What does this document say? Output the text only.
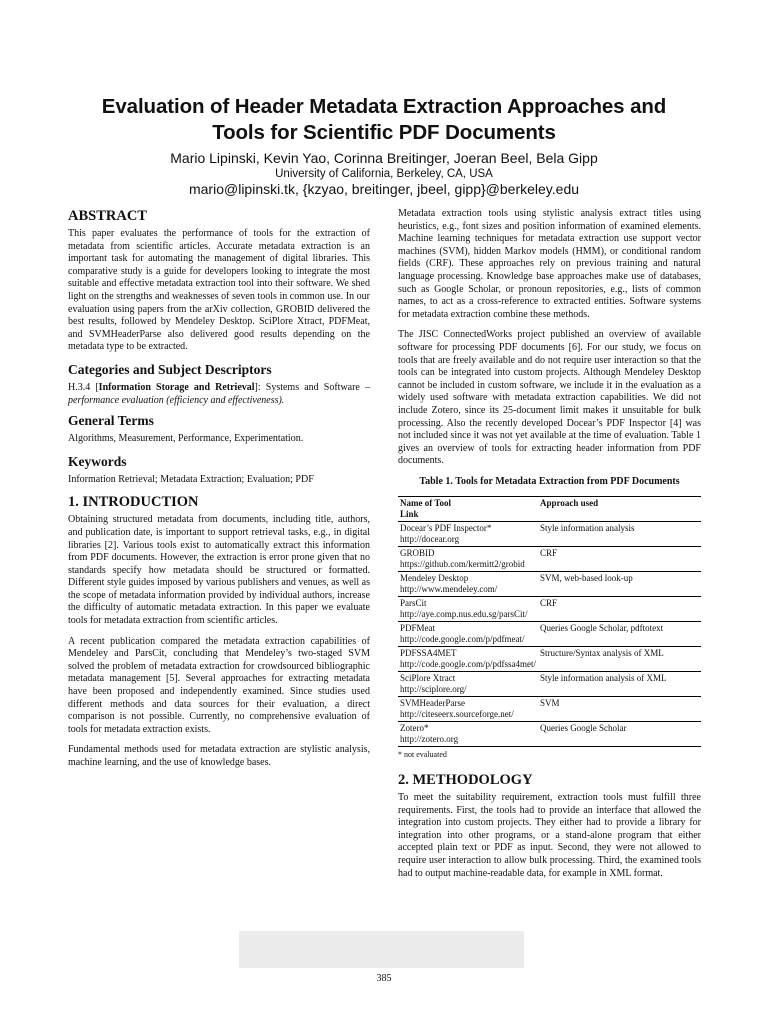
Evaluation of Header Metadata Extraction Approaches and
Tools for Scientific PDF Documents

Mario Lipinski, Kevin Yao, Corinna Breitinger, Joeran Beel, Bela Gipp

University of California, Berkeley, CA, USA

mario@lipinski.tk, {kzyao, breitinger, jbeel, gipp}@berkeley.edu

ABSTRACT

This paper evaluates the performance of tools for the extraction of metadata from scientific articles. Accurate metadata extraction is an important task for automating the management of digital libraries. This comparative study is a guide for developers looking to integrate the most suitable and effective metadata extraction tool into their software. We shed light on the strengths and weaknesses of seven tools in common use. In our evaluation using papers from the arXiv collection, GROBID delivered the best results, followed by Mendeley Desktop. SciPlore Xtract, PDFMeat, and SVMHeaderParse also delivered good results depending on the metadata type to be extracted.

Categories and Subject Descriptors

H.3.4 [Information Storage and Retrieval]: Systems and Software – performance evaluation (efficiency and effectiveness).

General Terms

Algorithms, Measurement, Performance, Experimentation.

Keywords

Information Retrieval; Metadata Extraction; Evaluation; PDF

1. INTRODUCTION

Obtaining structured metadata from documents, including title, authors, and publication date, is important to support retrieval tasks, e.g., in digital libraries [2]. Various tools exist to automatically extract this information from PDF documents. However, the extraction is error prone given that no standards specify how metadata should be structured or formatted. Different style guides imposed by various publishers and venues, as well as the scope of metadata information provided by individual authors, increase the difficulty of automatic metadata extraction. In this paper we evaluate tools for metadata extraction from scientific articles.

A recent publication compared the metadata extraction capabilities of Mendeley and ParsCit, concluding that Mendeley’s two-staged SVM solved the problem of metadata extraction for crowdsourced bibliographic metadata management [5]. Several approaches for extracting metadata have been proposed and independently examined. Since studies used different methods and data sources for their evaluation, a direct comparison is not possible. Currently, no comprehensive evaluation of tools for metadata extraction exists.

Fundamental methods used for metadata extraction are stylistic analysis, machine learning, and the use of knowledge bases.

Metadata extraction tools using stylistic analysis extract titles using heuristics, e.g., font sizes and position information of examined elements. Machine learning techniques for metadata extraction use support vector machines (SVM), hidden Markov models (HMM), or conditional random fields (CRF). These approaches rely on previous training and natural language processing. Knowledge base approaches make use of databases, such as Google Scholar, or pronoun repositories, e.g., lists of common names, to act as a cross-reference to extracted entities. Software systems for metadata extraction combine these methods.

The JISC ConnectedWorks project published an overview of available software for processing PDF documents [6]. For our study, we focus on tools that are freely available and do not require user interaction so that the tools can be integrated into custom projects. Although Mendeley Desktop cannot be included in custom software, we include it in the evaluation as a widely used software with metadata extraction capabilities. We did not include Zotero, since its 25-document limit makes it unsuitable for bulk processing. Also the recently developed Docear’s PDF Inspector [4] was not included since it was not yet available at the time of evaluation. Table 1 gives an overview of tools for extracting header information from PDF documents.

Table 1. Tools for Metadata Extraction from PDF Documents
Name of Tool
Link	Approach used
Docear’s PDF Inspector*
http://docear.org	Style information analysis
GROBID
https://github.com/kermitt2/grobid	CRF
Mendeley Desktop
http://www.mendeley.com/	SVM, web-based look-up
ParsCit
http://aye.comp.nus.edu.sg/parsCit/	CRF
PDFMeat
http://code.google.com/p/pdfmeat/	Queries Google Scholar, pdftotext
PDFSSA4MET
http://code.google.com/p/pdfssa4met/	Structure/Syntax analysis of XML
SciPlore Xtract
http://sciplore.org/	Style information analysis of XML
SVMHeaderParse
http://citeseerx.sourceforge.net/	SVM
Zotero*
http://zotero.org	Queries Google Scholar
* not evaluated
2. METHODOLOGY

To meet the suitability requirement, extraction tools must fulfill three requirements. First, the tools had to provide an interface that allowed the integration into custom projects. They either had to provide a library for integration into other programs, or a stand-alone program that either accepted plain text or PDF as input. Second, they were not allowed to require user interaction to allow bulk processing. Third, the examined tools had to output machine-readable data, for example in XML format.

385
